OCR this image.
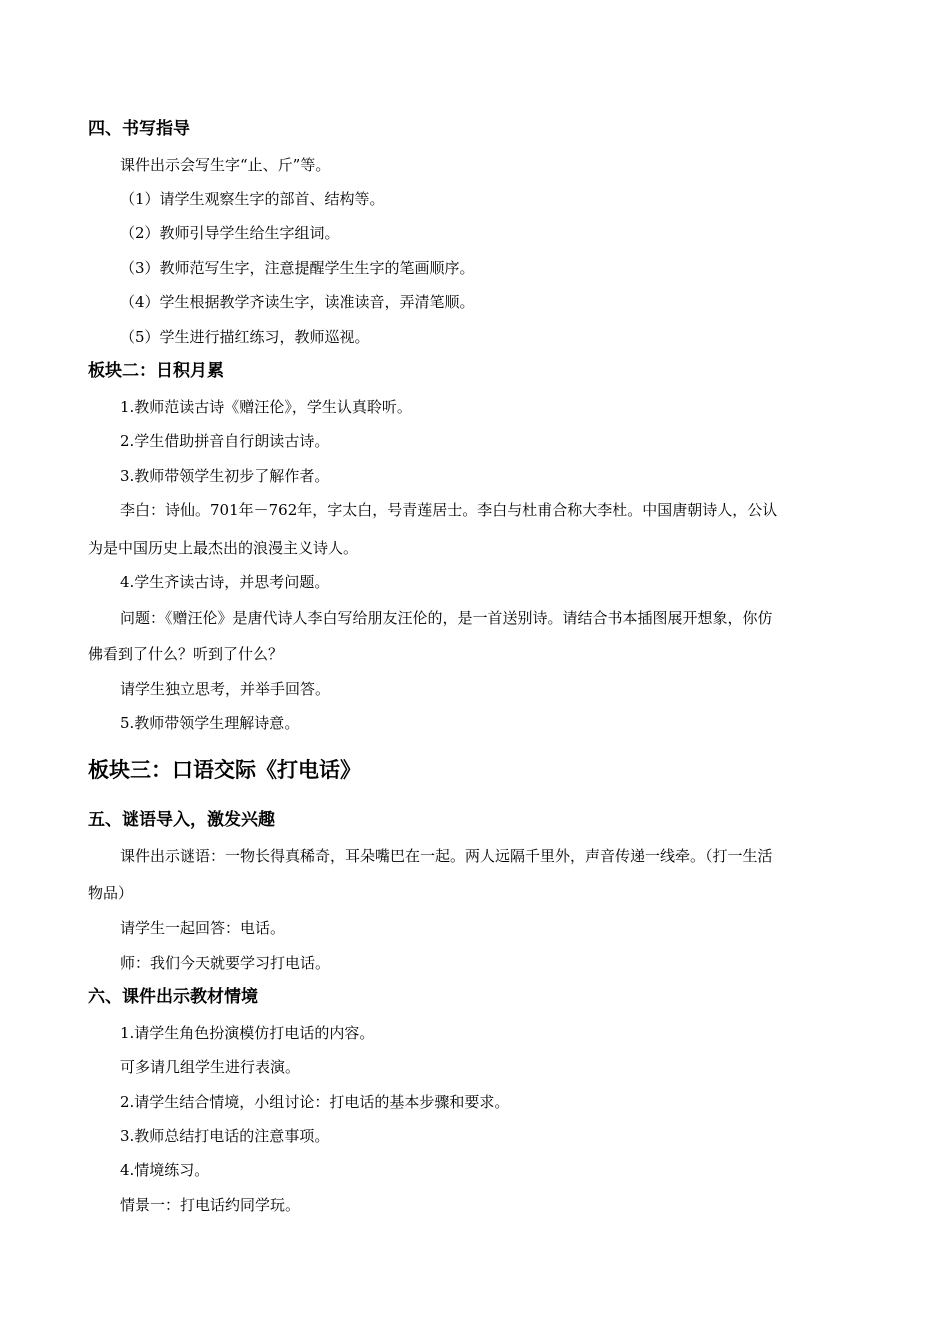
四、书写指导
课件出示会写生字“止、斤”等。
（1）请学生观察生字的部首、结构等。
（2）教师引导学生给生字组词。
（3）教师范写生字，注意提醒学生生字的笔画顺序。
（4）学生根据教学齐读生字，读准读音，弄清笔顺。
（5）学生进行描红练习，教师巡视。
板块二：日积月累
1.教师范读古诗《赠汪伦》，学生认真聆听。
2.学生借助拼音自行朗读古诗。
3.教师带领学生初步了解作者。
李白：诗仙。701年－762年，字太白，号青莲居士。李白与杜甫合称大李杜。中国唐朝诗人，公认
为是中国历史上最杰出的浪漫主义诗人。
4.学生齐读古诗，并思考问题。
问题：《赠汪伦》是唐代诗人李白写给朋友汪伦的，是一首送别诗。请结合书本插图展开想象，你仿
佛看到了什么？听到了什么？
请学生独立思考，并举手回答。
5.教师带领学生理解诗意。
板块三：口语交际《打电话》
五、谜语导入，激发兴趣
课件出示谜语：一物长得真稀奇，耳朵嘴巴在一起。两人远隔千里外，声音传递一线牵。（打一生活
物品）
请学生一起回答：电话。
师：我们今天就要学习打电话。
六、课件出示教材情境
1.请学生角色扮演模仿打电话的内容。
可多请几组学生进行表演。
2.请学生结合情境，小组讨论：打电话的基本步骤和要求。
3.教师总结打电话的注意事项。
4.情境练习。
情景一：打电话约同学玩。
